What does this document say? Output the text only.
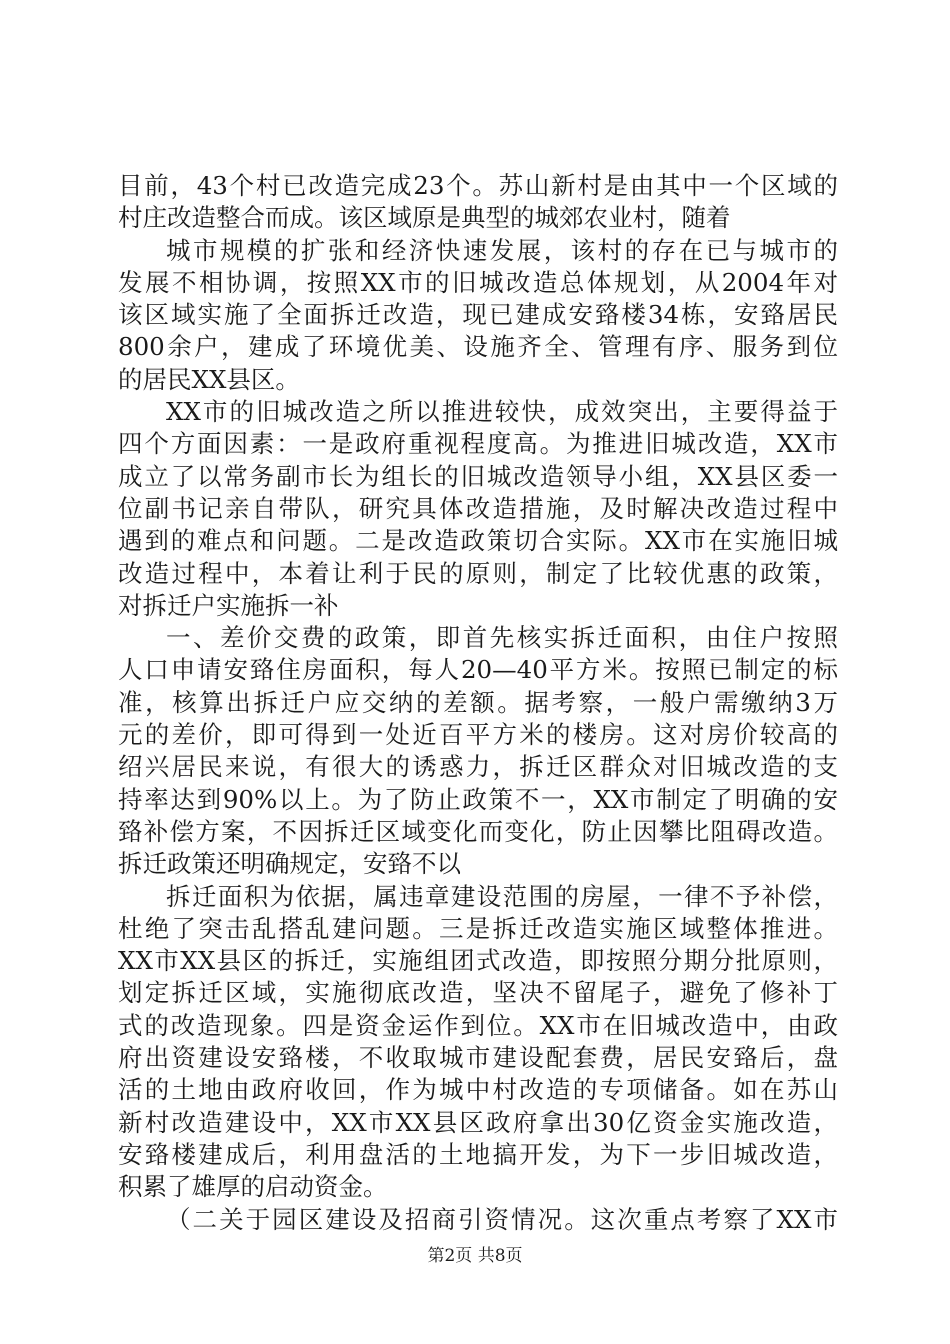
目前，43个村已改造完成23个。苏山新村是由其中一个区域的
村庄改造整合而成。该区域原是典型的城郊农业村，随着
城市规模的扩张和经济快速发展，该村的存在已与城市的
发展不相协调，按照XX市的旧城改造总体规划，从2004年对
该区域实施了全面拆迁改造，现已建成安臵楼34栋，安臵居民
800余户，建成了环境优美、设施齐全、管理有序、服务到位
的居民XX县区。
XX市的旧城改造之所以推进较快，成效突出，主要得益于
四个方面因素：一是政府重视程度高。为推进旧城改造，XX市
成立了以常务副市长为组长的旧城改造领导小组，XX县区委一
位副书记亲自带队，研究具体改造措施，及时解决改造过程中
遇到的难点和问题。二是改造政策切合实际。XX市在实施旧城
改造过程中，本着让利于民的原则，制定了比较优惠的政策，
对拆迁户实施拆一补
一、差价交费的政策，即首先核实拆迁面积，由住户按照
人口申请安臵住房面积，每人20—40平方米。按照已制定的标
准，核算出拆迁户应交纳的差额。据考察，一般户需缴纳3万
元的差价，即可得到一处近百平方米的楼房。这对房价较高的
绍兴居民来说，有很大的诱惑力，拆迁区群众对旧城改造的支
持率达到90%以上。为了防止政策不一，XX市制定了明确的安
臵补偿方案，不因拆迁区域变化而变化，防止因攀比阻碍改造。
拆迁政策还明确规定，安臵不以
拆迁面积为依据，属违章建设范围的房屋，一律不予补偿，
杜绝了突击乱搭乱建问题。三是拆迁改造实施区域整体推进。
XX市XX县区的拆迁，实施组团式改造，即按照分期分批原则，
划定拆迁区域，实施彻底改造，坚决不留尾子，避免了修补丁
式的改造现象。四是资金运作到位。XX市在旧城改造中，由政
府出资建设安臵楼，不收取城市建设配套费，居民安臵后，盘
活的土地由政府收回，作为城中村改造的专项储备。如在苏山
新村改造建设中，XX市XX县区政府拿出30亿资金实施改造，
安臵楼建成后，利用盘活的土地搞开发，为下一步旧城改造，
积累了雄厚的启动资金。
（二关于园区建设及招商引资情况。这次重点考察了XX市
第2页 共8页
